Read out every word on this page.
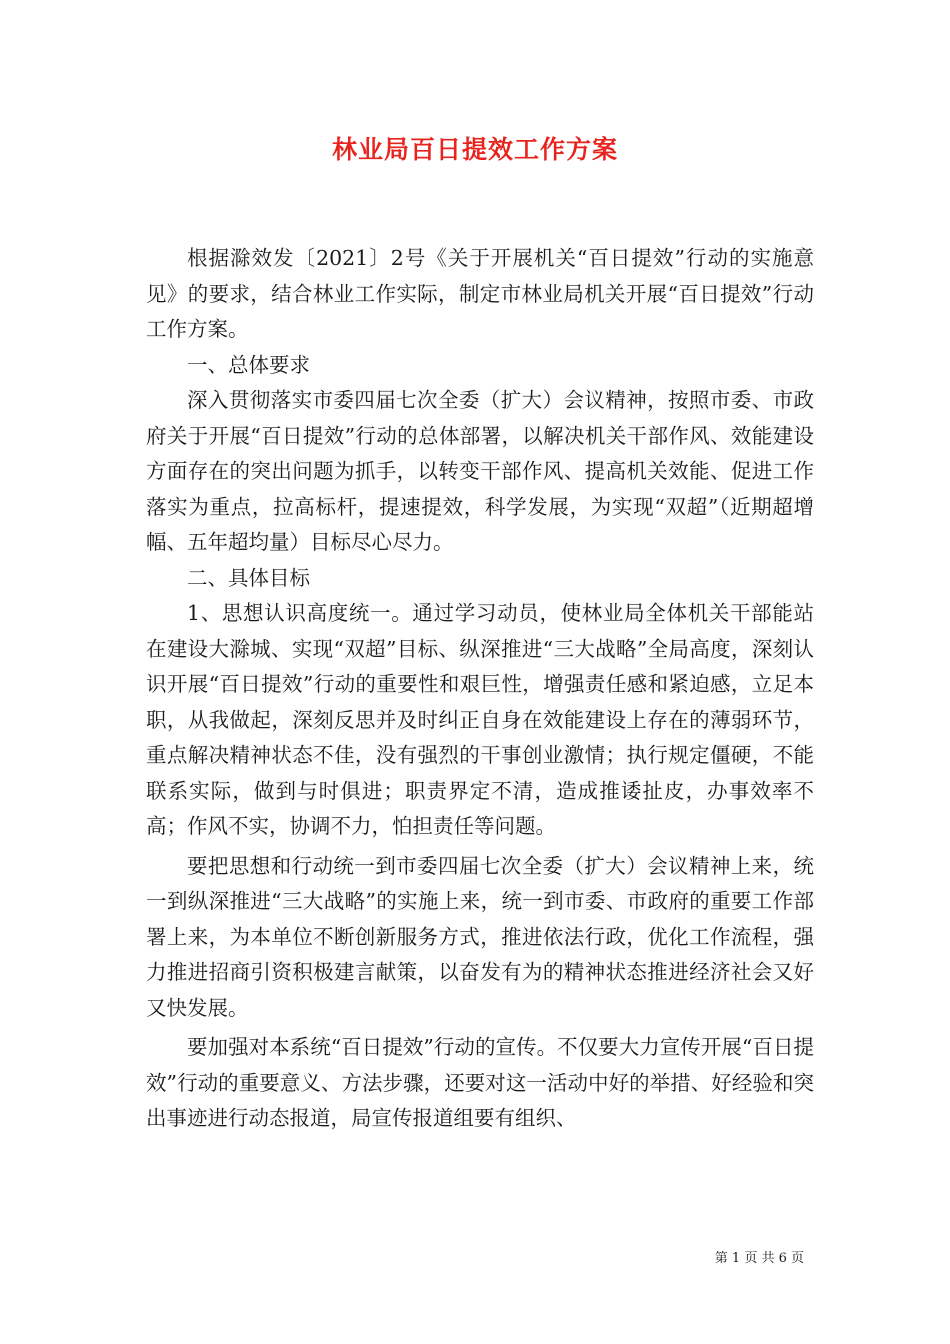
林业局百日提效工作方案

根据滁效发〔2021〕2号《关于开展机关“百日提效”行动的实施意见》的要求，结合林业工作实际，制定市林业局机关开展“百日提效”行动工作方案。

一、总体要求

深入贯彻落实市委四届七次全委（扩大）会议精神，按照市委、市政府关于开展“百日提效”行动的总体部署，以解决机关干部作风、效能建设方面存在的突出问题为抓手，以转变干部作风、提高机关效能、促进工作落实为重点，拉高标杆，提速提效，科学发展，为实现“双超”（近期超增幅、五年超均量）目标尽心尽力。

二、具体目标

1、思想认识高度统一。通过学习动员，使林业局全体机关干部能站在建设大滁城、实现“双超”目标、纵深推进“三大战略”全局高度，深刻认识开展“百日提效”行动的重要性和艰巨性，增强责任感和紧迫感，立足本职，从我做起，深刻反思并及时纠正自身在效能建设上存在的薄弱环节，重点解决精神状态不佳，没有强烈的干事创业激情；执行规定僵硬，不能联系实际，做到与时俱进；职责界定不清，造成推诿扯皮，办事效率不高；作风不实，协调不力，怕担责任等问题。

要把思想和行动统一到市委四届七次全委（扩大）会议精神上来，统一到纵深推进“三大战略”的实施上来，统一到市委、市政府的重要工作部署上来，为本单位不断创新服务方式，推进依法行政，优化工作流程，强力推进招商引资积极建言献策，以奋发有为的精神状态推进经济社会又好又快发展。

要加强对本系统“百日提效”行动的宣传。不仅要大力宣传开展“百日提效”行动的重要意义、方法步骤，还要对这一活动中好的举措、好经验和突出事迹进行动态报道，局宣传报道组要有组织、

第 1 页 共 6 页
